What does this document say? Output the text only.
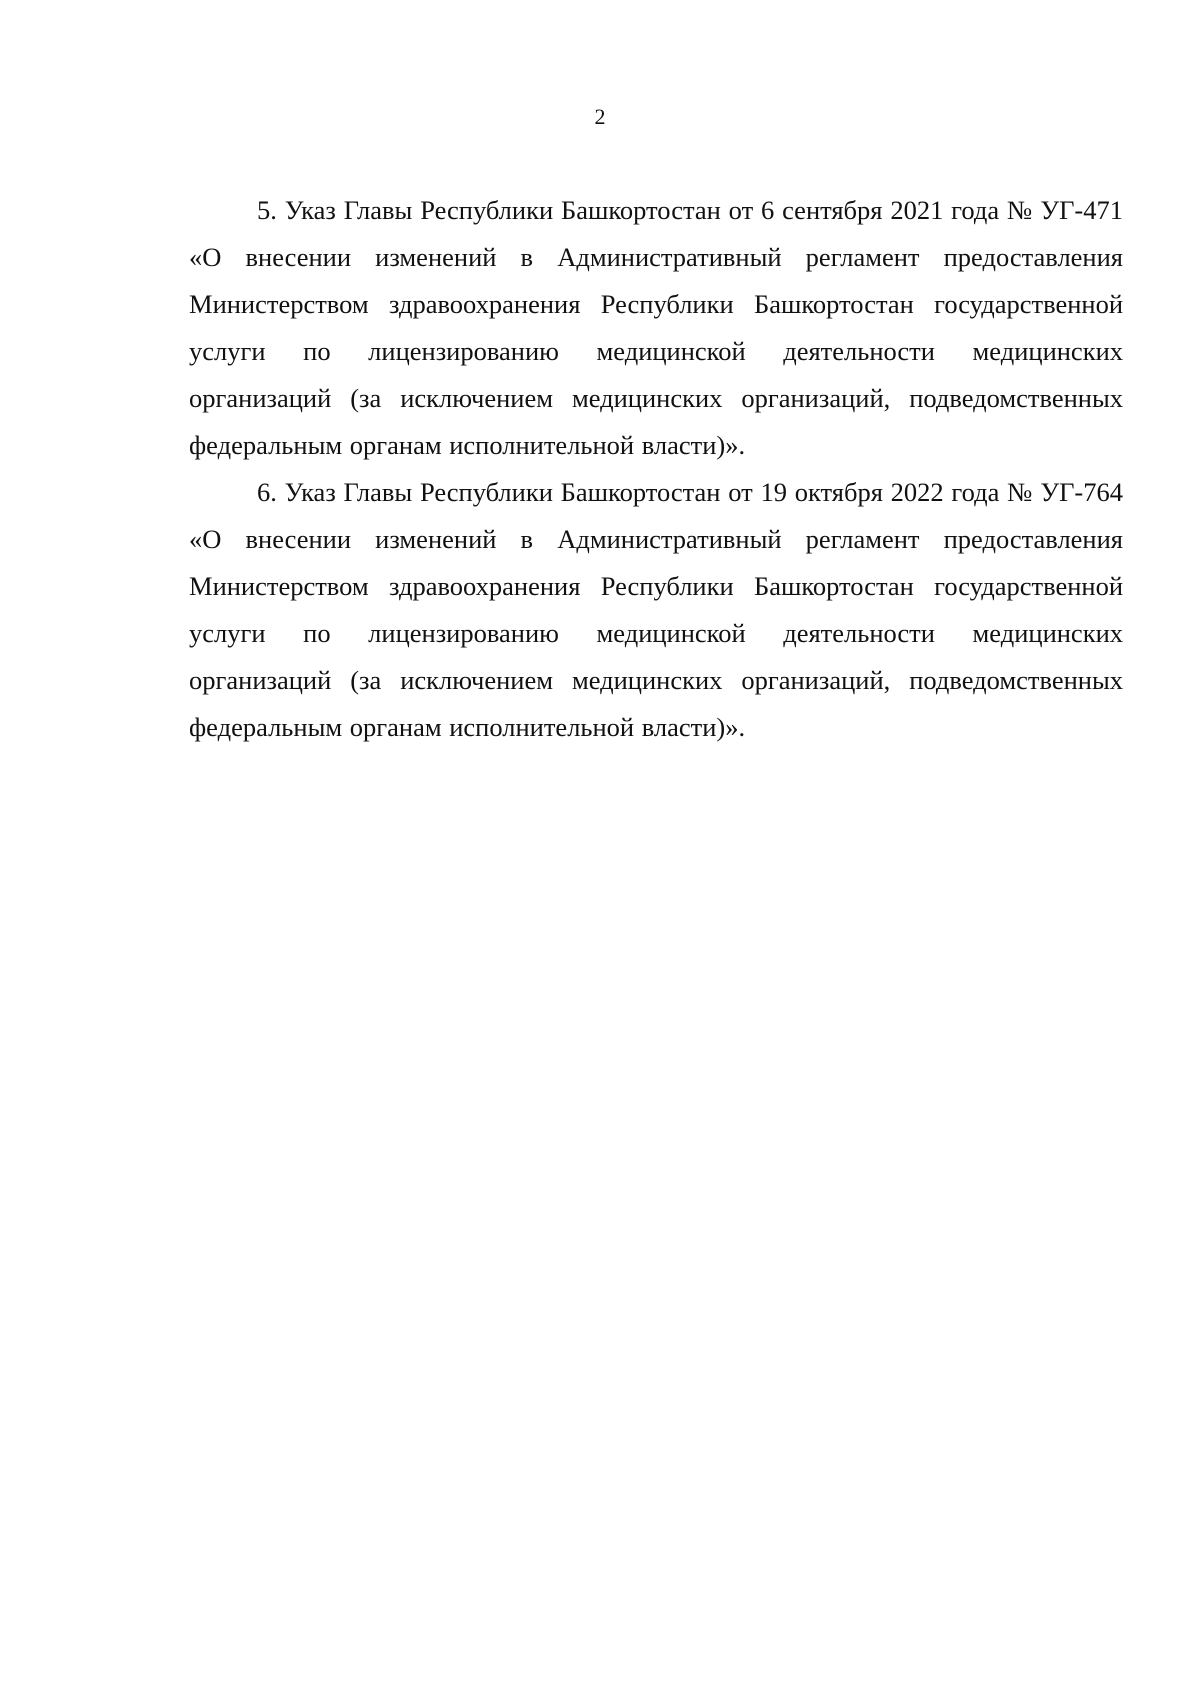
2

5. Указ Главы Республики Башкортостан от 6 сентября 2021 года № УГ-471 «О внесении изменений в Административный регламент предоставления Министерством здравоохранения Республики Башкортостан государственной услуги по лицензированию медицинской деятельности медицинских организаций (за исключением медицинских организаций, подведомственных федеральным органам исполнительной власти)».

6. Указ Главы Республики Башкортостан от 19 октября 2022 года № УГ-764 «О внесении изменений в Административный регламент предоставления Министерством здравоохранения Республики Башкортостан государственной услуги по лицензированию медицинской деятельности медицинских организаций (за исключением медицинских организаций, подведомственных федеральным органам исполнительной власти)».
